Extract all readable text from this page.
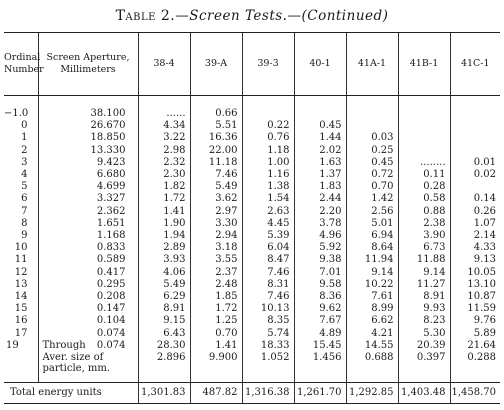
Table 2.—Screen Tests.—(Continued)
Ordinal Number	Screen Aperture, Millimeters	38-4	39-A	39-3	40-1	41A-1	41B-1	41C-1

−1.0	38.100	......	0.66					
0	26.670	4.34	5.51	0.22	0.45			
1	18.850	3.22	16.36	0.76	1.44	0.03		
2	13.330	2.98	22.00	1.18	2.02	0.25		
3	9.423	2.32	11.18	1.00	1.63	0.45	........	0.01
4	6.680	2.30	7.46	1.16	1.37	0.72	0.11	0.02
5	4.699	1.82	5.49	1.38	1.83	0.70	0.28	
6	3.327	1.72	3.62	1.54	2.44	1.42	0.58	0.14
7	2.362	1.41	2.97	2.63	2.20	2.56	0.88	0.26
8	1.651	1.90	3.30	4.45	3.78	5.01	2.38	1.07
9	1.168	1.94	2.94	5.39	4.96	6.94	3.90	2.14
10	0.833	2.89	3.18	6.04	5.92	8.64	6.73	4.33
11	0.589	3.93	3.55	8.47	9.38	11.94	11.88	9.13
12	0.417	4.06	2.37	7.46	7.01	9.14	9.14	10.05
13	0.295	5.49	2.48	8.31	9.58	10.22	11.27	13.10
14	0.208	6.29	1.85	7.46	8.36	7.61	8.91	10.87
15	0.147	8.91	1.72	10.13	9.62	8.99	9.93	11.59
16	0.104	9.15	1.25	8.35	7.67	6.62	8.23	9.76
17	0.074	6.43	0.70	5.74	4.89	4.21	5.30	5.89
19	Through 0.074	28.30	1.41	18.33	15.45	14.55	20.39	21.64

	Aver. size of particle, mm.	2.896	9.900	1.052	1.456	0.688	0.397	0.288

Total energy units		1,301.83	487.82	1,316.38	1,261.70	1,292.85	1,403.48	1,458.70
